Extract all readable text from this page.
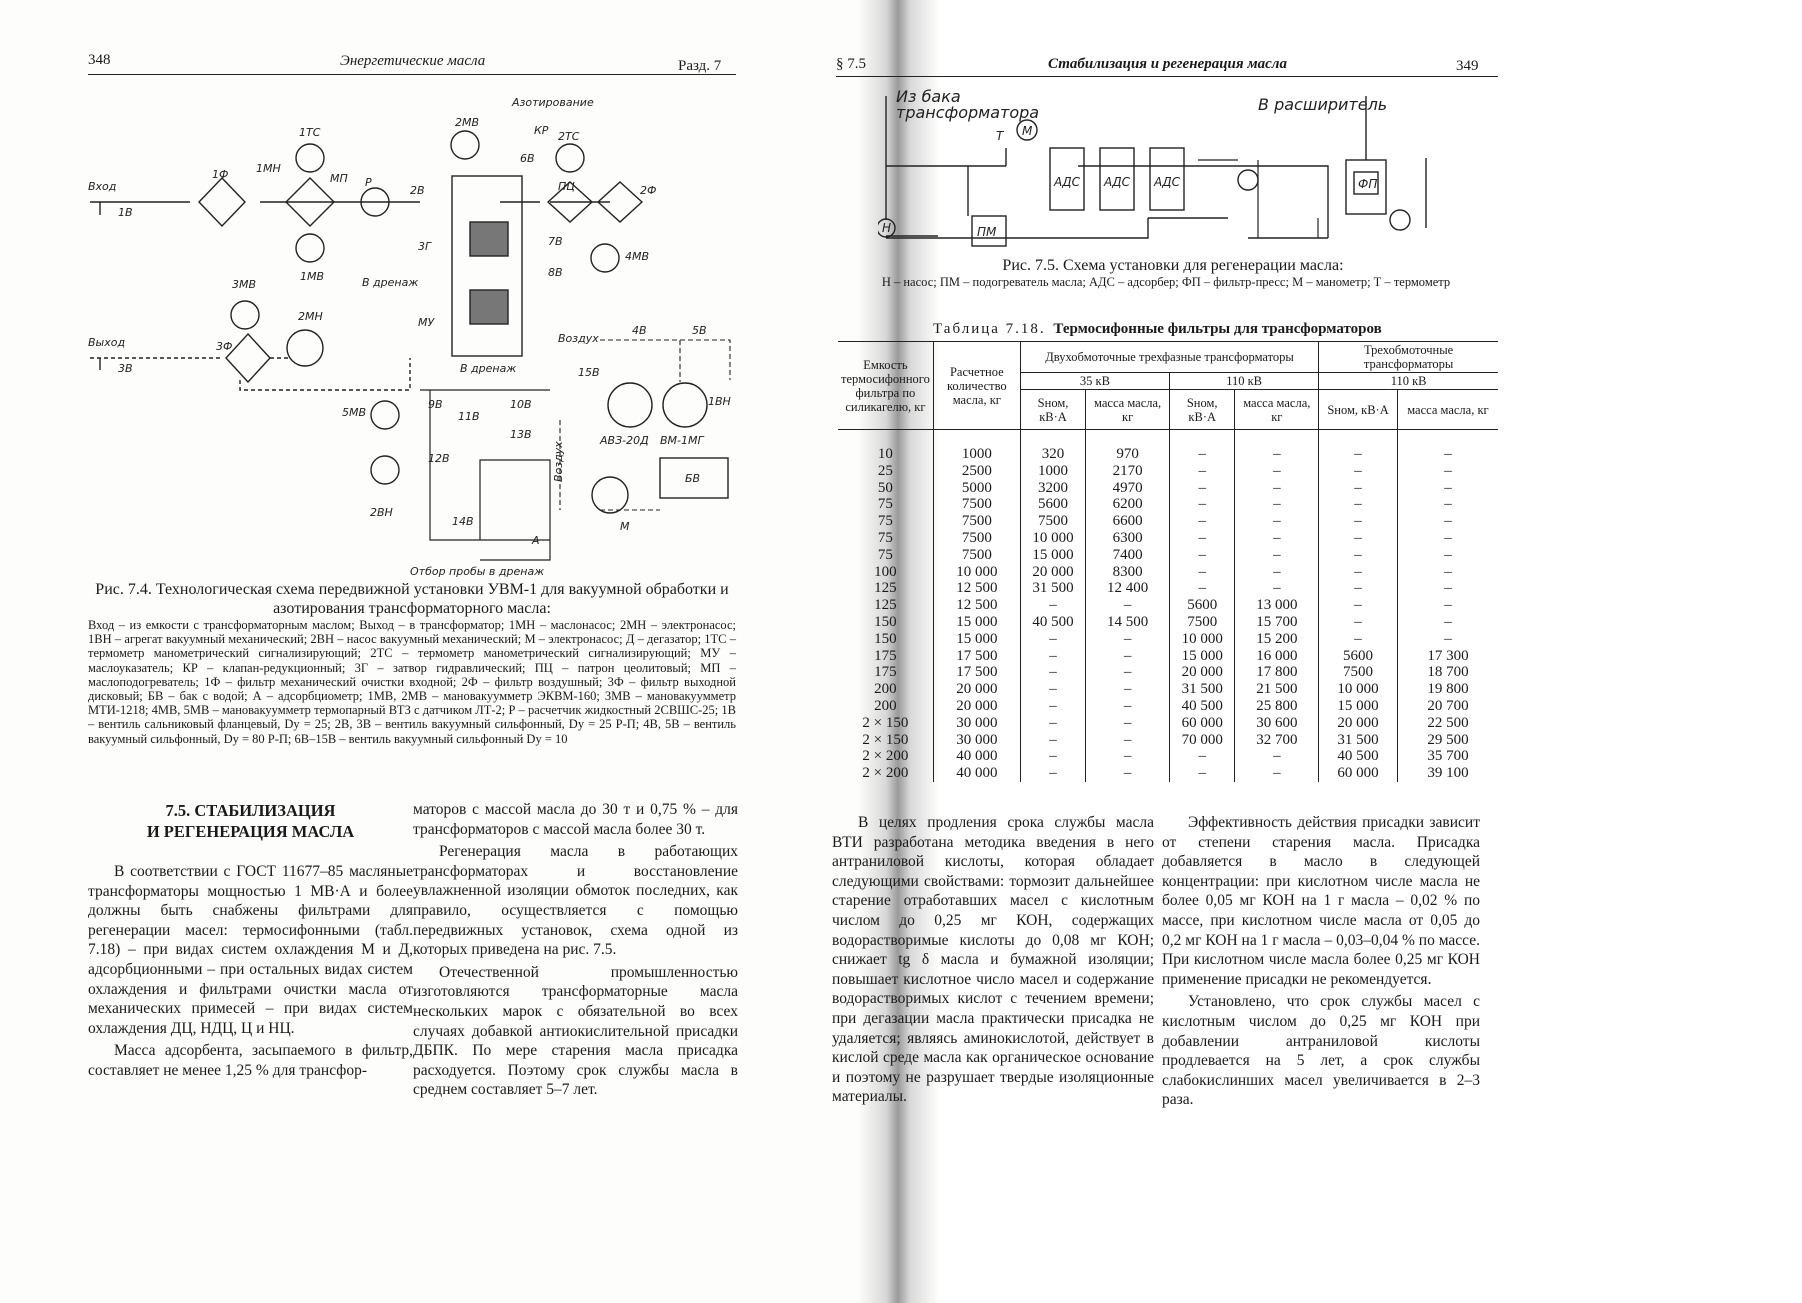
348	Энергетические масла	Разд. 7
Азотирование
КР
6В
1ТС	2ТС
2МВ
Вход
1В
1Ф	1МН
МП
1МВ
Р
2В	ПЦ	2Ф
3Г	7В
4МВ
8В
В дренаж
3МВ
2МН	МУ
Выход
3В
3Ф
Воздух
4В	5В
В дренаж	15В
9В	10В	1ВН
5МВ	11В
13В	АВЗ-20Д ВМ-1МГ
12В
БВ
Воздух
2ВН
14В
А
М
Отбор пробы в дренаж
Рис. 7.4. Технологическая схема передвижной установки УВМ-1 для вакуумной обработки и азотирования трансформаторного масла:
Вход – из емкости с трансформаторным маслом; Выход – в трансформатор; 1МН – маслонасос; 2МН – электронасос; 1ВН – агрегат вакуумный механический; 2ВН – насос вакуумный механический; М – электронасос; Д – дегазатор; 1ТС – термометр манометрический сигнализирующий; 2ТС – термометр манометрический сигнализирующий; МУ – маслоуказатель; КР – клапан-редукционный; 3Г – затвор гидравлический; ПЦ – патрон цеолитовый; МП – маслоподогреватель; 1Ф – фильтр механический очистки входной; 2Ф – фильтр воздушный; 3Ф – фильтр выходной дисковый; БВ – бак с водой; А – адсорбциометр; 1МВ, 2МВ – мановакуумметр ЭКВМ-160; 3МВ – мановакуумметр МТИ-1218; 4МВ, 5МВ – мановакуумметр термопарный ВТЗ с датчиком ЛТ-2; Р – расчетчик жидкостный 2СВШС-25; 1В – вентиль сальниковый фланцевый, Dy = 25; 2В, 3В – вентиль вакуумный сильфонный, Dy = 25 Р-П; 4В, 5В – вентиль вакуумный сильфонный, Dy = 80 Р-П; 6В–15В – вентиль вакуумный сильфонный Dy = 10
7.5. СТАБИЛИЗАЦИЯ
И РЕГЕНЕРАЦИЯ МАСЛА

В соответствии с ГОСТ 11677–85 масляные трансформаторы мощностью 1 МВ·А и более должны быть снабжены фильтрами для регенерации масел: термосифонными (табл. 7.18) – при видах систем охлаждения М и Д, адсорбционными – при остальных видах систем охлаждения и фильтрами очистки масла от механических примесей – при видах систем охлаждения ДЦ, НДЦ, Ц и НЦ.

Масса адсорбента, засыпаемого в фильтр, составляет не менее 1,25 % для трансфор-

маторов с массой масла до 30 т и 0,75 % – для трансформаторов с массой масла более 30 т.

Регенерация масла в работающих трансформаторах и восстановление увлажненной изоляции обмоток последних, как правило, осуществляется с помощью передвижных установок, схема одной из которых приведена на рис. 7.5.

Отечественной промышленностью изготовляются трансформаторные масла нескольких марок с обязательной во всех случаях добавкой антиокислительной присадки ДБПК. По мере старения масла присадка расходуется. Поэтому срок службы масла в среднем составляет 5–7 лет.

§ 7.5	Стабилизация и регенерация масла	349
Из бака
трансформатора	В расширитель
Т М
Н	ПМ
АДС АДС АДС	ФП
Рис. 7.5. Схема установки для регенерации масла:
Н – насос; ПМ – подогреватель масла; АДС – адсорбер; ФП – фильтр-пресс; М – манометр; Т – термометр
Таблица 7.18. Термосифонные фильтры для трансформаторов
Емкость термосифонного фильтра по силикагелю, кг	Расчетное количество масла, кг	Двухобмоточные трехфазные трансформаторы				Трехобмоточные трансформаторы	
		35 кВ		110 кВ		110 кВ	
		Sном, кВ·А	масса масла, кг	Sном, кВ·А	масса масла, кг	Sном, кВ·А	масса масла, кг
10	1000	320	970	–	–	–	–
25	2500	1000	2170	–	–	–	–
50	5000	3200	4970	–	–	–	–
75	7500	5600	6200	–	–	–	–
75	7500	7500	6600	–	–	–	–
75	7500	10 000	6300	–	–	–	–
75	7500	15 000	7400	–	–	–	–
100	10 000	20 000	8300	–	–	–	–
125	12 500	31 500	12 400	–	–	–	–
125	12 500	–	–	5600	13 000	–	–
150	15 000	40 500	14 500	7500	15 700	–	–
150	15 000	–	–	10 000	15 200	–	–
175	17 500	–	–	15 000	16 000	5600	17 300
175	17 500	–	–	20 000	17 800	7500	18 700
200	20 000	–	–	31 500	21 500	10 000	19 800
200	20 000	–	–	40 500	25 800	15 000	20 700
2 × 150	30 000	–	–	60 000	30 600	20 000	22 500
2 × 150	30 000	–	–	70 000	32 700	31 500	29 500
2 × 200	40 000	–	–	–	–	40 500	35 700
2 × 200	40 000	–	–	–	–	60 000	39 100

В целях продления срока службы масла ВТИ разработана методика введения в него антраниловой кислоты, которая обладает следующими свойствами: тормозит дальнейшее старение отработавших масел с кислотным числом до 0,25 мг КОН, содержащих водорастворимые кислоты до 0,08 мг КОН; снижает tg δ масла и бумажной изоляции; повышает кислотное число масел и содержание водорастворимых кислот с течением времени; при дегазации масла практически присадка не удаляется; являясь аминокислотой, действует в кислой среде масла как органическое основание и поэтому не разрушает твердые изоляционные материалы.

Эффективность действия присадки зависит от степени старения масла. Присадка добавляется в масло в следующей концентрации: при кислотном числе масла не более 0,05 мг КОН на 1 г масла – 0,02 % по массе, при кислотном числе масла от 0,05 до 0,2 мг КОН на 1 г масла – 0,03–0,04 % по массе. При кислотном числе масла более 0,25 мг КОН применение присадки не рекомендуется.

Установлено, что срок службы масел с кислотным числом до 0,25 мг КОН при добавлении антраниловой кислоты продлевается на 5 лет, а срок службы слабокислинших масел увеличивается в 2–3 раза.
